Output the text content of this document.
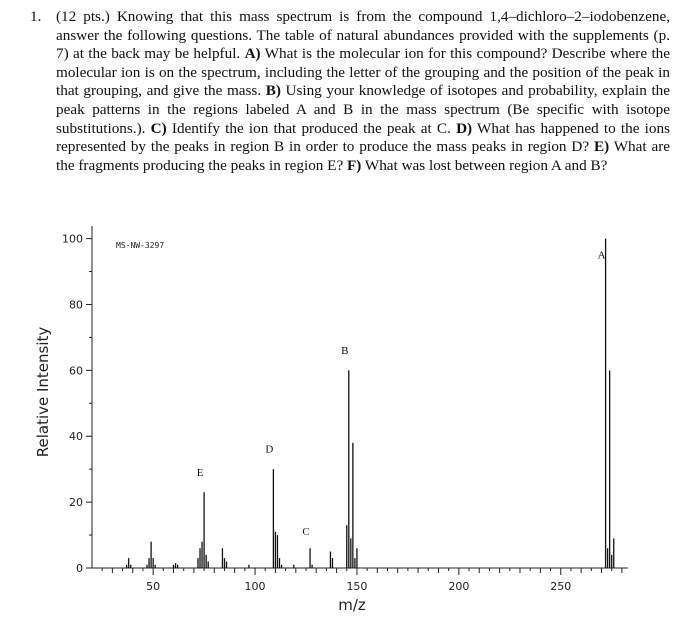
1. (12 pts.) Knowing that this mass spectrum is from the compound 1,4–dichloro–2–iodobenzene, answer the following questions. The table of natural abundances provided with the supplements (p. 7) at the back may be helpful. A) What is the molecular ion for this compound? Describe where the molecular ion is on the spectrum, including the letter of the grouping and the position of the peak in that grouping, and give the mass. B) Using your knowledge of isotopes and probability, explain the peak patterns in the regions labeled A and B in the mass spectrum (Be specific with isotope substitutions.). C) Identify the ion that produced the peak at C. D) What has happened to the ions represented by the peaks in region B in order to produce the mass peaks in region D? E) What are the fragments producing the peaks in region E? F) What was lost between region A and B?
0
20
40
60
80
100
50	100	150	200	250
A
B
C
D
E
MS-NW-3297
m/z
Relative Intensity
